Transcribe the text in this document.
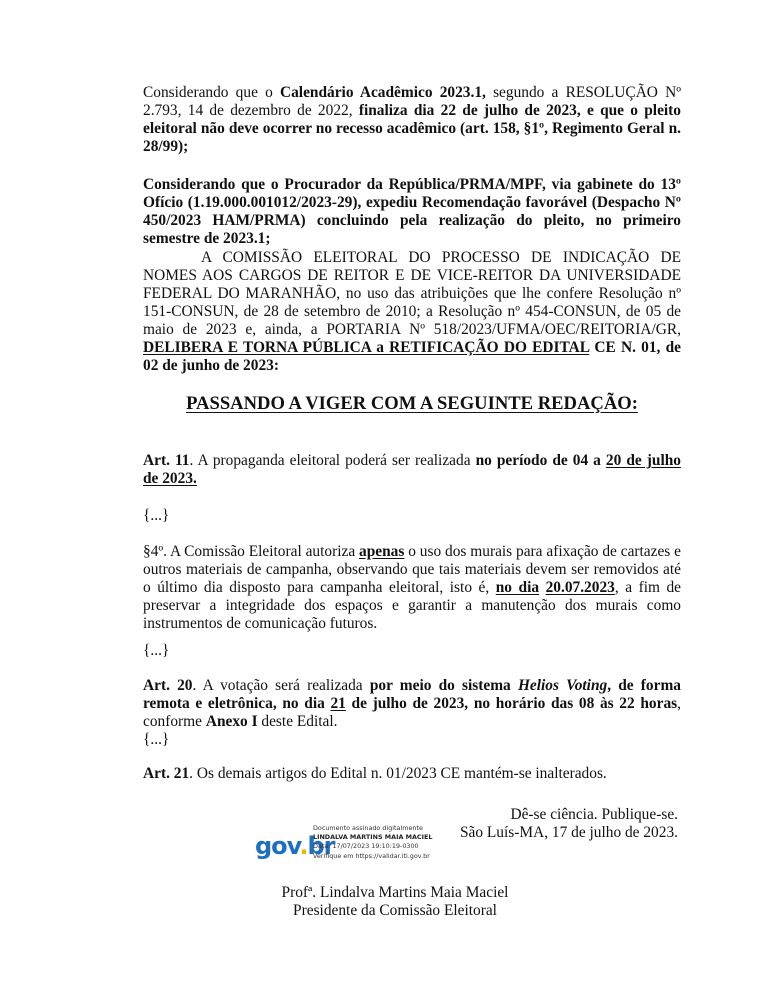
Considerando que o Calendário Acadêmico 2023.1, segundo a RESOLUÇÃO Nº 2.793, 14 de dezembro de 2022, finaliza dia 22 de julho de 2023, e que o pleito eleitoral não deve ocorrer no recesso acadêmico (art. 158, §1º, Regimento Geral n. 28/99);

Considerando que o Procurador da República/PRMA/MPF, via gabinete do 13º Ofício (1.19.000.001012/2023-29), expediu Recomendação favorável (Despacho Nº 450/2023 HAM/PRMA) concluindo pela realização do pleito, no primeiro semestre de 2023.1;

A COMISSÃO ELEITORAL DO PROCESSO DE INDICAÇÃO DE NOMES AOS CARGOS DE REITOR E DE VICE-REITOR DA UNIVERSIDADE FEDERAL DO MARANHÃO, no uso das atribuições que lhe confere Resolução nº 151-CONSUN, de 28 de setembro de 2010; a Resolução nº 454-CONSUN, de 05 de maio de 2023 e, ainda, a PORTARIA Nº 518/2023/UFMA/OEC/REITORIA/GR, DELIBERA E TORNA PÚBLICA a RETIFICAÇÃO DO EDITAL CE N. 01, de 02 de junho de 2023:

PASSANDO A VIGER COM A SEGUINTE REDAÇÃO:

Art. 11. A propaganda eleitoral poderá ser realizada no período de 04 a 20 de julho de 2023.

{...}

§4º. A Comissão Eleitoral autoriza apenas o uso dos murais para afixação de cartazes e outros materiais de campanha, observando que tais materiais devem ser removidos até o último dia disposto para campanha eleitoral, isto é, no dia 20.07.2023, a fim de preservar a integridade dos espaços e garantir a manutenção dos murais como instrumentos de comunicação futuros.

{...}

Art. 20. A votação será realizada por meio do sistema Helios Voting, de forma remota e eletrônica, no dia 21 de julho de 2023, no horário das 08 às 22 horas, conforme Anexo I deste Edital.

{...}

Art. 21. Os demais artigos do Edital n. 01/2023 CE mantém-se inalterados.

Dê-se ciência. Publique-se.
São Luís-MA, 17 de julho de 2023.
gov.br
Documento assinado digitalmente
LINDALVA MARTINS MAIA MACIEL
Data: 17/07/2023 19:10:19-0300
Verifique em https://validar.iti.gov.br
Profª. Lindalva Martins Maia Maciel
Presidente da Comissão Eleitoral
